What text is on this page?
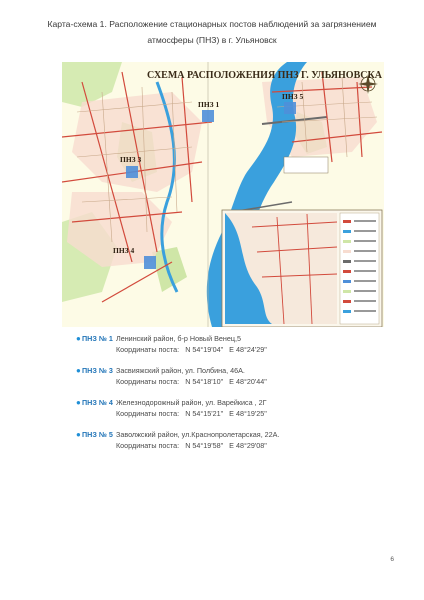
Карта-схема 1. Расположение стационарных постов наблюдений за загрязнением
атмосферы (ПНЗ) в г. Ульяновск
СХЕМА РАСПОЛОЖЕНИЯ ПНЗ Г. УЛЬЯНОВСКА
ПНЗ 1
ПНЗ 5
ПНЗ 3
ПНЗ 4
● ПНЗ № 1 Ленинский район, б-р Новый Венец,5
Координаты поста: N 54°19'04" E 48°24'29"
● ПНЗ № 3 Засвияжский район, ул. Полбина, 46А.
Координаты поста: N 54°18'10" E 48°20'44"
● ПНЗ № 4 Железнодорожный район, ул. Варейкиса , 2Г
Координаты поста: N 54°15'21" E 48°19'25"
● ПНЗ № 5 Заволжский район, ул.Краснопролетарская, 22А.
Координаты поста: N 54°19'58" E 48°29'08"
6
